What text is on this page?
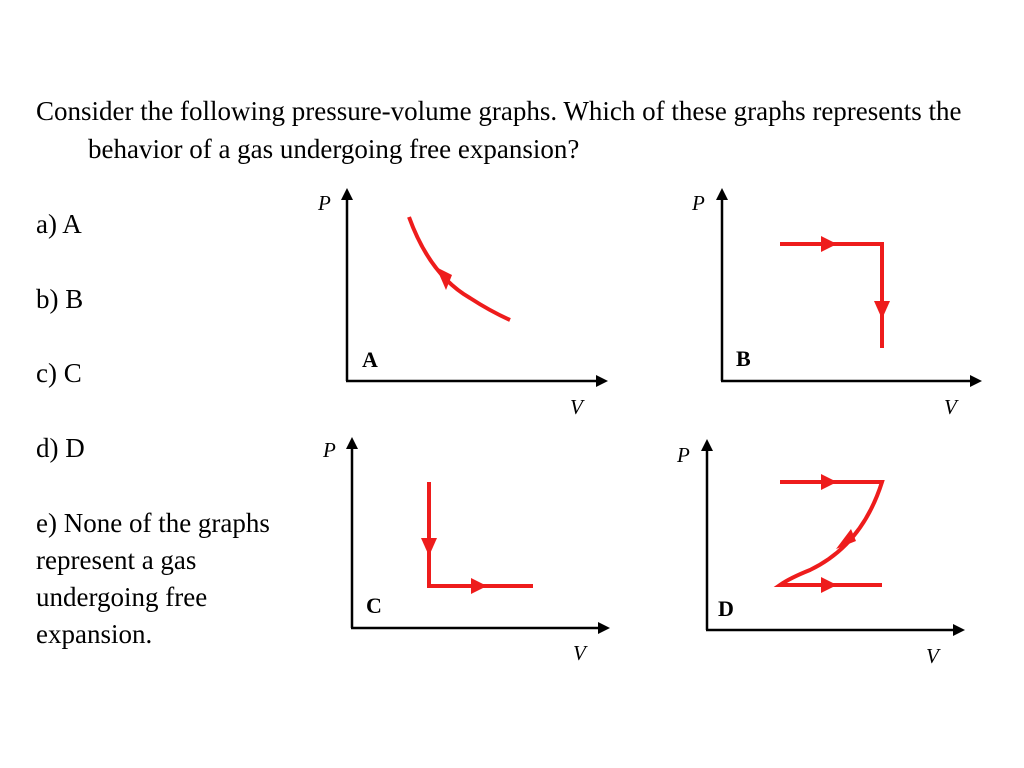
Consider the following pressure-volume graphs. Which of these graphs represents the behavior of a gas undergoing free expansion?

a) A
b) B
c) C
d) D
e) None of the graphs represent a gas undergoing free expansion.
P
V
A
P
V
B
P
V
C
P
V
D
